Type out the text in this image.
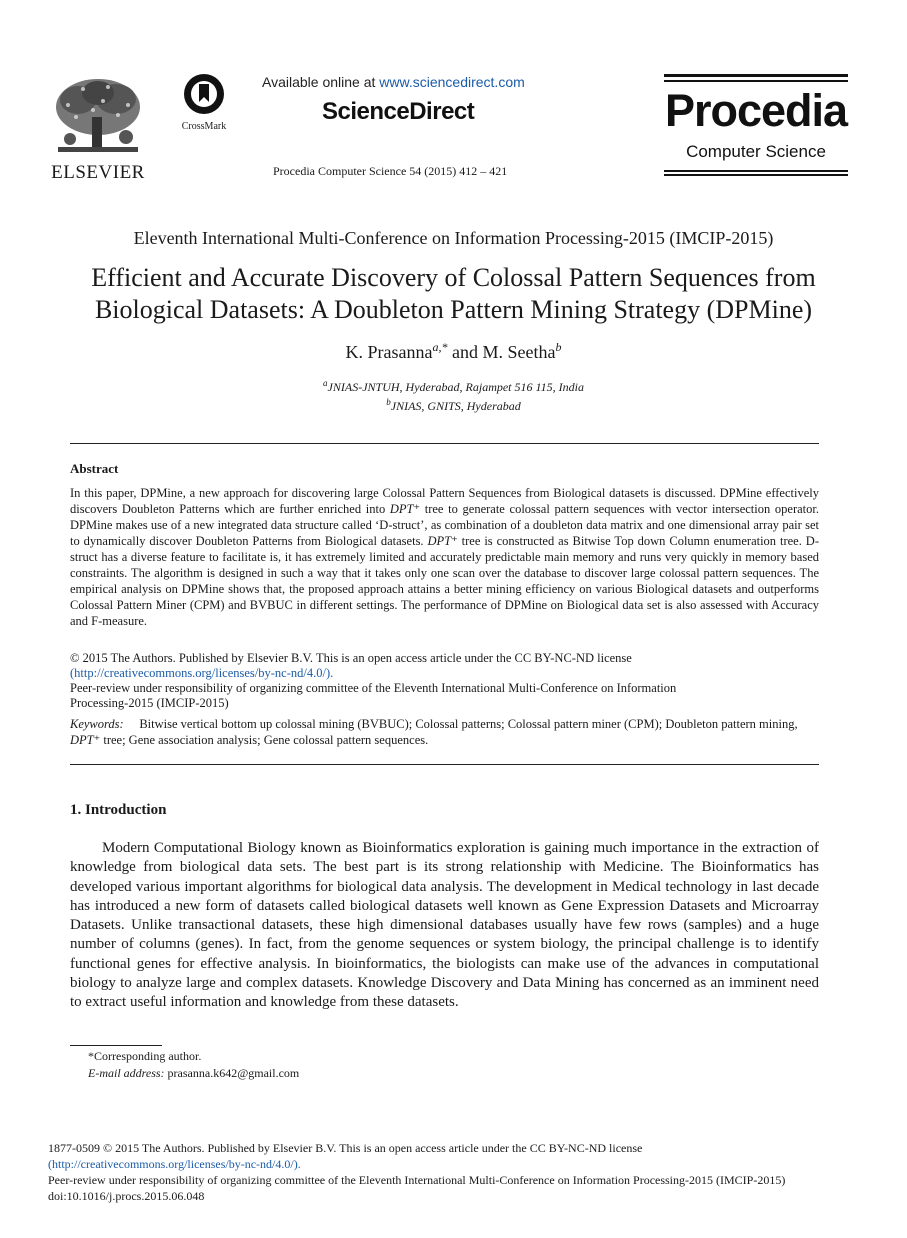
ELSEVIER
CrossMark
Available online at www.sciencedirect.com
ScienceDirect
Procedia Computer Science 54 (2015) 412 – 421
Procedia
Computer Science
Eleventh International Multi-Conference on Information Processing-2015 (IMCIP-2015)
Efficient and Accurate Discovery of Colossal Pattern Sequences from
Biological Datasets: A Doubleton Pattern Mining Strategy (DPMine)
K. Prasanna$^{a,*}$ and M. Seetha$^b$
$^a$JNIAS-JNTUH, Hyderabad, Rajampet 516 115, India
$^b$JNIAS, GNITS, Hyderabad
Abstract
In this paper, DPMine, a new approach for discovering large Colossal Pattern Sequences from Biological datasets is discussed. DPMine effectively discovers Doubleton Patterns which are further enriched into DPT⁺ tree to generate colossal pattern sequences with vector intersection operator. DPMine makes use of a new integrated data structure called ‘D-struct’, as combination of a doubleton data matrix and one dimensional array pair set to dynamically discover Doubleton Patterns from Biological datasets. DPT⁺ tree is constructed as Bitwise Top down Column enumeration tree. D-struct has a diverse feature to facilitate is, it has extremely limited and accurately predictable main memory and runs very quickly in memory based constraints. The algorithm is designed in such a way that it takes only one scan over the database to discover large colossal pattern sequences. The empirical analysis on DPMine shows that, the proposed approach attains a better mining efficiency on various Biological datasets and outperforms Colossal Pattern Miner (CPM) and BVBUC in different settings. The performance of DPMine on Biological data set is also assessed with Accuracy and F-measure.
© 2015 The Authors. Published by Elsevier B.V. This is an open access article under the CC BY-NC-ND license
(http://creativecommons.org/licenses/by-nc-nd/4.0/).
Peer-review under responsibility of organizing committee of the Eleventh International Multi-Conference on Information
Processing-2015 (IMCIP-2015)
Keywords: Bitwise vertical bottom up colossal mining (BVBUC); Colossal patterns; Colossal pattern miner (CPM); Doubleton pattern mining, DPT⁺ tree; Gene association analysis; Gene colossal pattern sequences.
1. Introduction
Modern Computational Biology known as Bioinformatics exploration is gaining much importance in the extraction of knowledge from biological data sets. The best part is its strong relationship with Medicine. The Bioinformatics has developed various important algorithms for biological data analysis. The development in Medical technology in last decade has introduced a new form of datasets called biological datasets well known as Gene Expression Datasets and Microarray Datasets. Unlike transactional datasets, these high dimensional databases usually have few rows (samples) and a huge number of columns (genes). In fact, from the genome sequences or system biology, the principal challenge is to identify functional genes for effective analysis. In bioinformatics, the biologists can make use of the advances in computational biology to analyze large and complex datasets. Knowledge Discovery and Data Mining has concerned as an imminent need to extract useful information and knowledge from these datasets.
*Corresponding author.
E-mail address: prasanna.k642@gmail.com
1877-0509 © 2015 The Authors. Published by Elsevier B.V. This is an open access article under the CC BY-NC-ND license
(http://creativecommons.org/licenses/by-nc-nd/4.0/).
Peer-review under responsibility of organizing committee of the Eleventh International Multi-Conference on Information Processing-2015 (IMCIP-2015)
doi:10.1016/j.procs.2015.06.048
